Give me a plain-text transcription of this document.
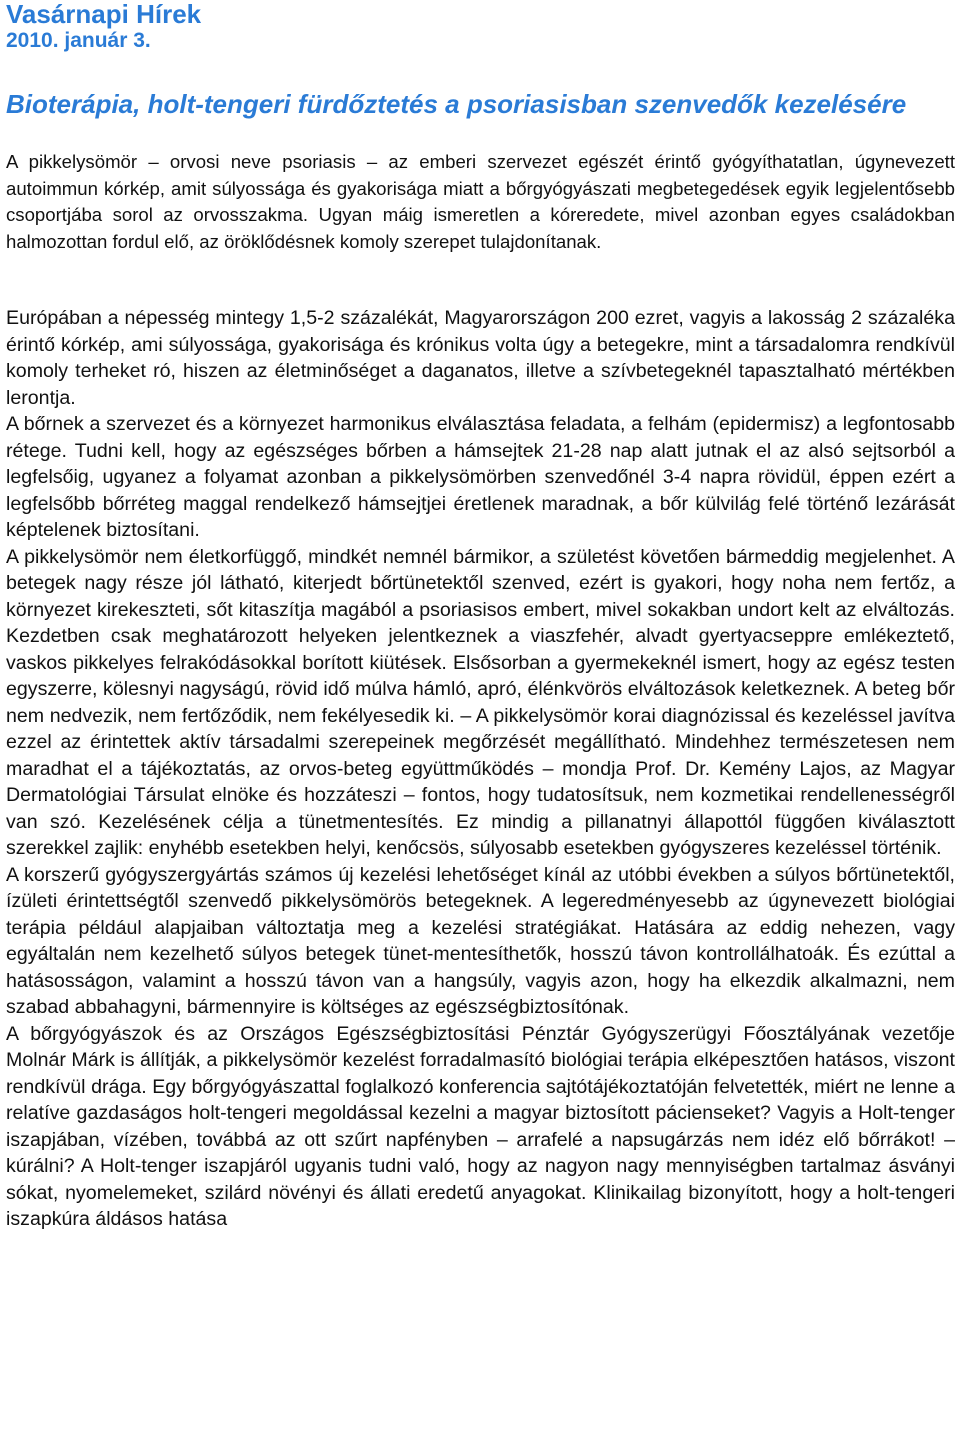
Vasárnapi Hírek
2010. január 3.
Bioterápia, holt-tengeri fürdőztetés a psoriasisban szenvedők kezelésére

A pikkelysömör – orvosi neve psoriasis – az emberi szervezet egészét érintő gyógyíthatatlan, úgynevezett autoimmun kórkép, amit súlyossága és gyakorisága miatt a bőrgyógyászati megbetegedések egyik legjelentősebb csoportjába sorol az orvosszakma. Ugyan máig ismeretlen a kóreredete, mivel azonban egyes családokban halmozottan fordul elő, az öröklődésnek komoly szerepet tulajdonítanak.

Európában a népesség mintegy 1,5-2 százalékát, Magyarországon 200 ezret, vagyis a lakosság 2 százaléka érintő kórkép, ami súlyossága, gyakorisága és krónikus volta úgy a betegekre, mint a társadalomra rendkívül komoly terheket ró, hiszen az életminőséget a daganatos, illetve a szívbetegeknél tapasztalható mértékben lerontja.

A bőrnek a szervezet és a környezet harmonikus elválasztása feladata, a felhám (epidermisz) a legfontosabb rétege. Tudni kell, hogy az egészséges bőrben a hámsejtek 21-28 nap alatt jutnak el az alsó sejtsorból a legfelsőig, ugyanez a folyamat azonban a pikkelysömörben szenvedőnél 3-4 napra rövidül, éppen ezért a legfelsőbb bőrréteg maggal rendelkező hámsejtjei éretlenek maradnak, a bőr külvilág felé történő lezárását képtelenek biztosítani.

A pikkelysömör nem életkorfüggő, mindkét nemnél bármikor, a születést követően bármeddig megjelenhet. A betegek nagy része jól látható, kiterjedt bőrtünetektől szenved, ezért is gyakori, hogy noha nem fertőz, a környezet kirekeszteti, sőt kitaszítja magából a psoriasisos embert, mivel sokakban undort kelt az elváltozás. Kezdetben csak meghatározott helyeken jelentkeznek a viaszfehér, alvadt gyertyacseppre emlékeztető, vaskos pikkelyes felrakódásokkal borított kiütések. Elsősorban a gyermekeknél ismert, hogy az egész testen egyszerre, kölesnyi nagyságú, rövid idő múlva hámló, apró, élénkvörös elváltozások keletkeznek. A beteg bőr nem nedvezik, nem fertőződik, nem fekélyesedik ki. – A pikkelysömör korai diagnózissal és kezeléssel javítva ezzel az érintettek aktív társadalmi szerepeinek megőrzését megállítható. Mindehhez természetesen nem maradhat el a tájékoztatás, az orvos-beteg együttműködés – mondja Prof. Dr. Kemény Lajos, az Magyar Dermatológiai Társulat elnöke és hozzáteszi – fontos, hogy tudatosítsuk, nem kozmetikai rendellenességről van szó. Kezelésének célja a tünetmentesítés. Ez mindig a pillanatnyi állapottól függően kiválasztott szerekkel zajlik: enyhébb esetekben helyi, kenőcsös, súlyosabb esetekben gyógyszeres kezeléssel történik.

A korszerű gyógyszergyártás számos új kezelési lehetőséget kínál az utóbbi években a súlyos bőrtünetektől, ízületi érintettségtől szenvedő pikkelysömörös betegeknek. A legeredményesebb az úgynevezett biológiai terápia például alapjaiban változtatja meg a kezelési stratégiákat. Hatására az eddig nehezen, vagy egyáltalán nem kezelhető súlyos betegek tünet-mentesíthetők, hosszú távon kontrollálhatoák. És ezúttal a hatásosságon, valamint a hosszú távon van a hangsúly, vagyis azon, hogy ha elkezdik alkalmazni, nem szabad abbahagyni, bármennyire is költséges az egészségbiztosítónak.

A bőrgyógyászok és az Országos Egészségbiztosítási Pénztár Gyógyszerügyi Főosztályának vezetője Molnár Márk is állítják, a pikkelysömör kezelést forradalmasító biológiai terápia elképesztően hatásos, viszont rendkívül drága. Egy bőrgyógyászattal foglalkozó konferencia sajtótájékoztatóján felvetették, miért ne lenne a relatíve gazdaságos holt-tengeri megoldással kezelni a magyar biztosított pácienseket? Vagyis a Holt-tenger iszapjában, vízében, továbbá az ott szűrt napfényben – arrafelé a napsugárzás nem idéz elő bőrrákot! – kúrálni? A Holt-tenger iszapjáról ugyanis tudni való, hogy az nagyon nagy mennyiségben tartalmaz ásványi sókat, nyomelemeket, szilárd növényi és állati eredetű anyagokat. Klinikailag bizonyított, hogy a holt-tengeri iszapkúra áldásos hatása
